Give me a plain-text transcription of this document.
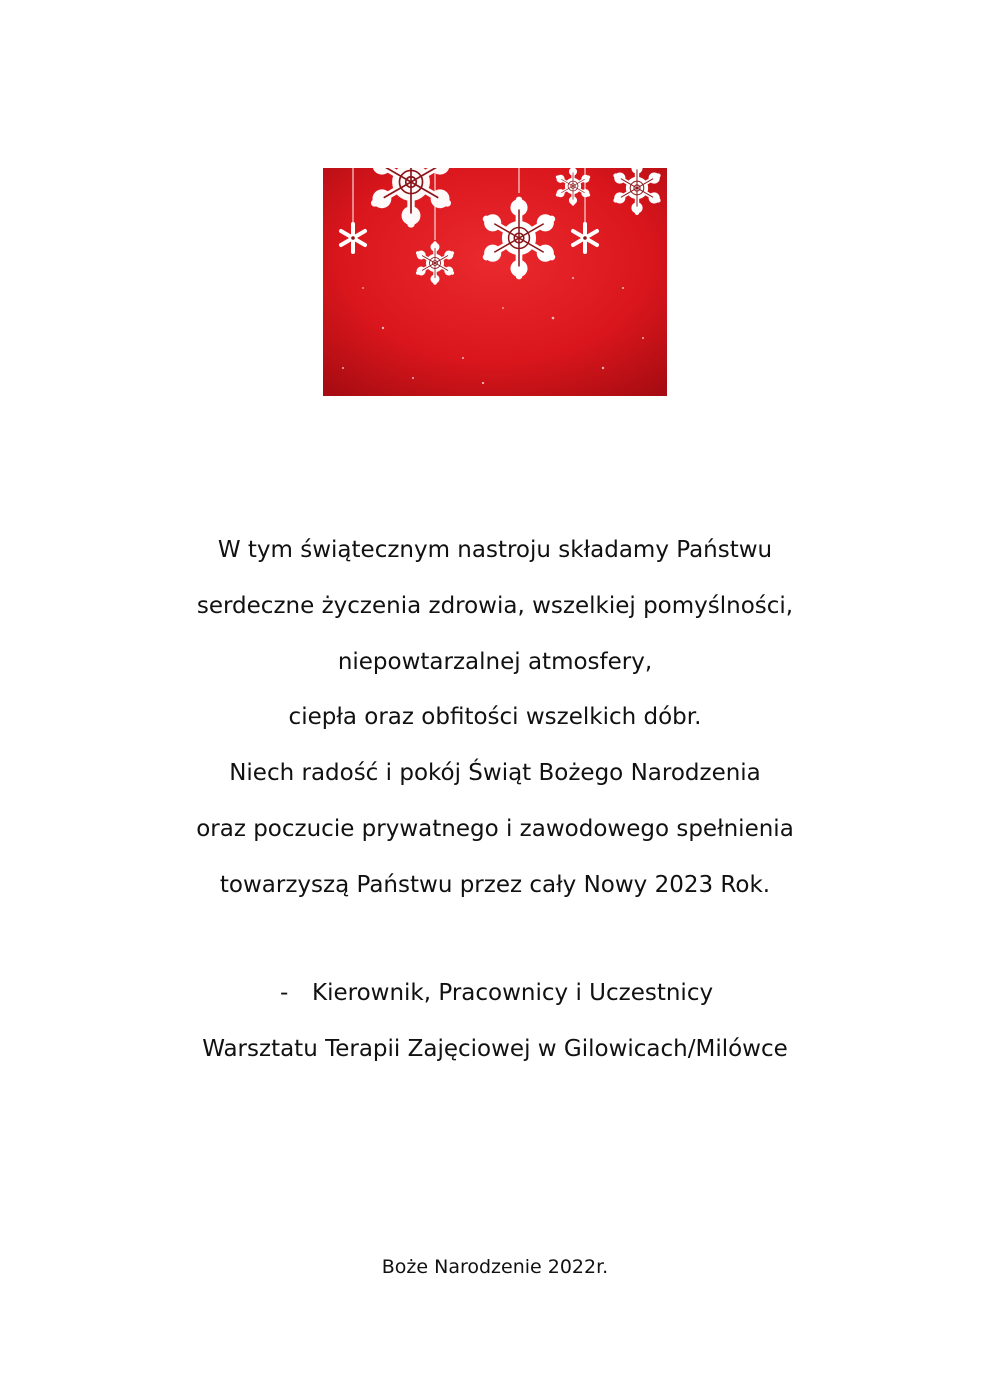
W tym świątecznym nastroju składamy Państwu
serdeczne życzenia zdrowia, wszelkiej pomyślności,
niepowtarzalnej atmosfery,
ciepła oraz obfitości wszelkich dóbr.
Niech radość i pokój Świąt Bożego Narodzenia
oraz poczucie prywatnego i zawodowego spełnienia
towarzyszą Państwu przez cały Nowy 2023 Rok.
- Kierownik, Pracownicy i Uczestnicy
Warsztatu Terapii Zajęciowej w Gilowicach/Milówce
Boże Narodzenie 2022r.
